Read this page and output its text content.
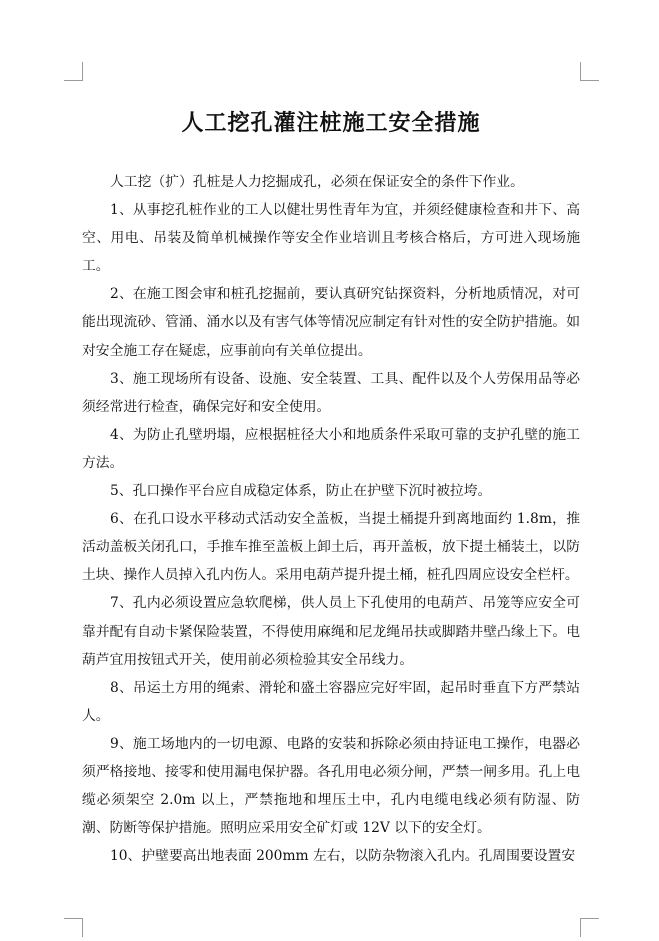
人工挖孔灌注桩施工安全措施

人工挖（扩）孔桩是人力挖掘成孔，必须在保证安全的条件下作业。

1、从事挖孔桩作业的工人以健壮男性青年为宜，并须经健康检查和井下、高空、用电、吊装及简单机械操作等安全作业培训且考核合格后，方可进入现场施工。

2、在施工图会审和桩孔挖掘前，要认真研究钻探资料，分析地质情况，对可能出现流砂、管涌、涌水以及有害气体等情况应制定有针对性的安全防护措施。如对安全施工存在疑虑，应事前向有关单位提出。

3、施工现场所有设备、设施、安全装置、工具、配件以及个人劳保用品等必须经常进行检查，确保完好和安全使用。

4、为防止孔壁坍塌，应根据桩径大小和地质条件采取可靠的支护孔壁的施工方法。

5、孔口操作平台应自成稳定体系，防止在护壁下沉时被拉垮。

6、在孔口设水平移动式活动安全盖板，当提土桶提升到离地面约 1.8m，推活动盖板关闭孔口，手推车推至盖板上卸土后，再开盖板，放下提土桶装土，以防土块、操作人员掉入孔内伤人。采用电葫芦提升提土桶，桩孔四周应设安全栏杆。

7、孔内必须设置应急软爬梯，供人员上下孔使用的电葫芦、吊笼等应安全可靠并配有自动卡紧保险装置，不得使用麻绳和尼龙绳吊扶或脚踏井壁凸缘上下。电葫芦宜用按钮式开关，使用前必须检验其安全吊线力。

8、吊运土方用的绳索、滑轮和盛土容器应完好牢固，起吊时垂直下方严禁站人。

9、施工场地内的一切电源、电路的安装和拆除必须由持证电工操作，电器必须严格接地、接零和使用漏电保护器。各孔用电必须分闸，严禁一闸多用。孔上电缆必须架空 2.0m 以上，严禁拖地和埋压土中，孔内电缆电线必须有防湿、防潮、防断等保护措施。照明应采用安全矿灯或 12V 以下的安全灯。

10、护壁要高出地表面 200mm 左右，以防杂物滚入孔内。孔周围要设置安
